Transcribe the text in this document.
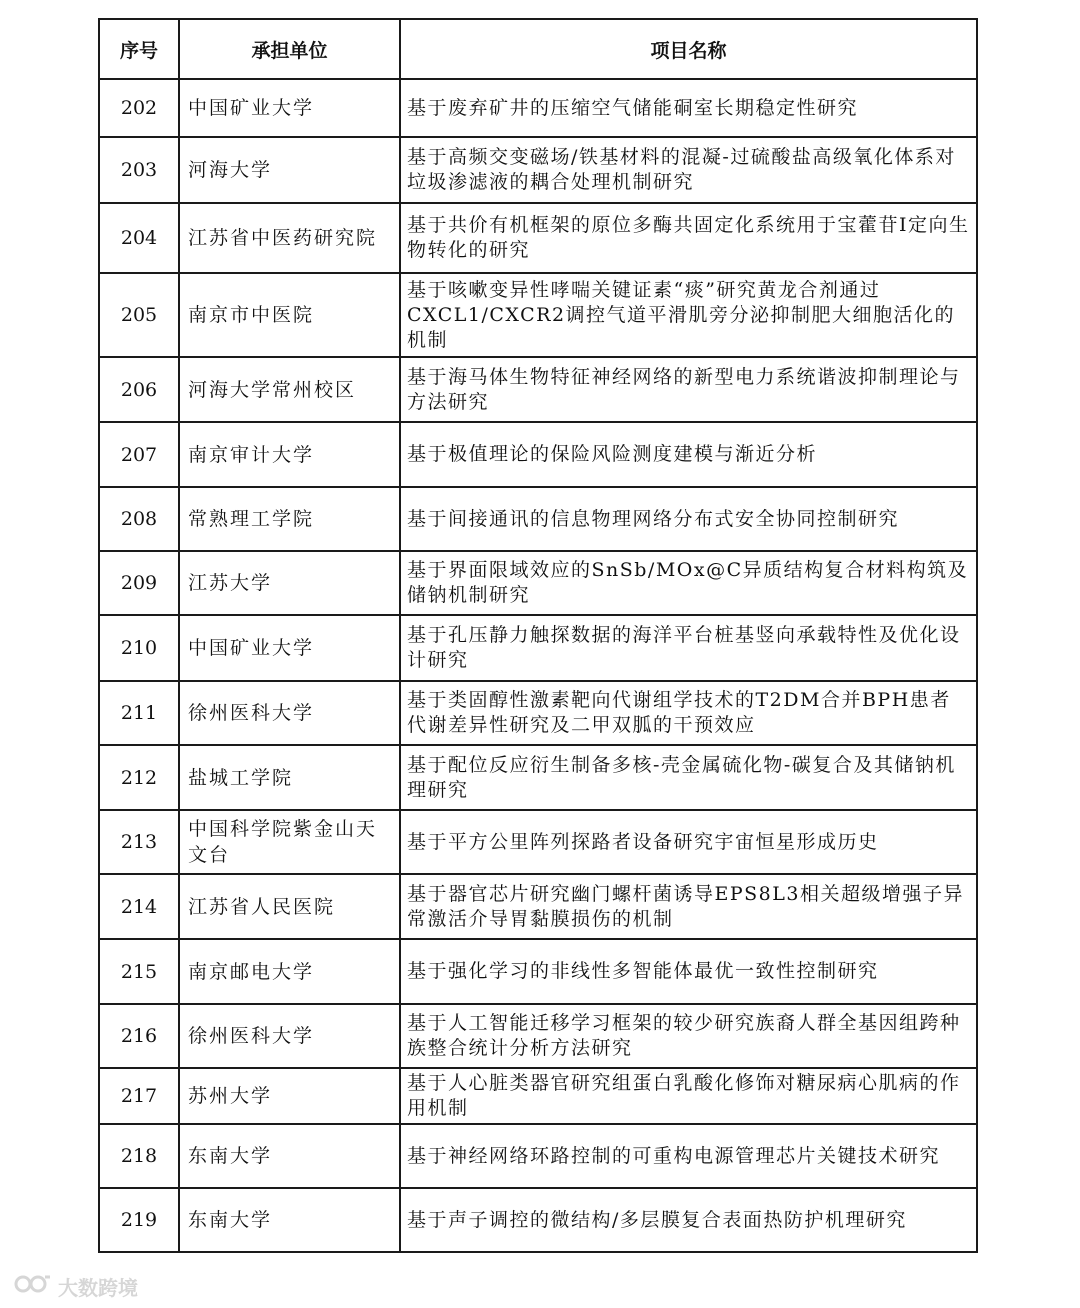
序号	承担单位	项目名称
202	中国矿业大学	基于废弃矿井的压缩空气储能硐室长期稳定性研究
203	河海大学	基于高频交变磁场/铁基材料的混凝-过硫酸盐高级氧化体系对垃圾渗滤液的耦合处理机制研究
204	江苏省中医药研究院	基于共价有机框架的原位多酶共固定化系统用于宝藿苷Ⅰ定向生物转化的研究
205	南京市中医院	基于咳嗽变异性哮喘关键证素“痰”研究黄龙合剂通过CXCL1/CXCR2调控气道平滑肌旁分泌抑制肥大细胞活化的机制
206	河海大学常州校区	基于海马体生物特征神经网络的新型电力系统谐波抑制理论与方法研究
207	南京审计大学	基于极值理论的保险风险测度建模与渐近分析
208	常熟理工学院	基于间接通讯的信息物理网络分布式安全协同控制研究
209	江苏大学	基于界面限域效应的SnSb/MOx@C异质结构复合材料构筑及储钠机制研究
210	中国矿业大学	基于孔压静力触探数据的海洋平台桩基竖向承载特性及优化设计研究
211	徐州医科大学	基于类固醇性激素靶向代谢组学技术的T2DM合并BPH患者代谢差异性研究及二甲双胍的干预效应
212	盐城工学院	基于配位反应衍生制备多核-壳金属硫化物-碳复合及其储钠机理研究
213	中国科学院紫金山天文台	基于平方公里阵列探路者设备研究宇宙恒星形成历史
214	江苏省人民医院	基于器官芯片研究幽门螺杆菌诱导EPS8L3相关超级增强子异常激活介导胃黏膜损伤的机制
215	南京邮电大学	基于强化学习的非线性多智能体最优一致性控制研究
216	徐州医科大学	基于人工智能迁移学习框架的较少研究族裔人群全基因组跨种族整合统计分析方法研究
217	苏州大学	基于人心脏类器官研究组蛋白乳酸化修饰对糖尿病心肌病的作用机制
218	东南大学	基于神经网络环路控制的可重构电源管理芯片关键技术研究
219	东南大学	基于声子调控的微结构/多层膜复合表面热防护机理研究
大数跨境
